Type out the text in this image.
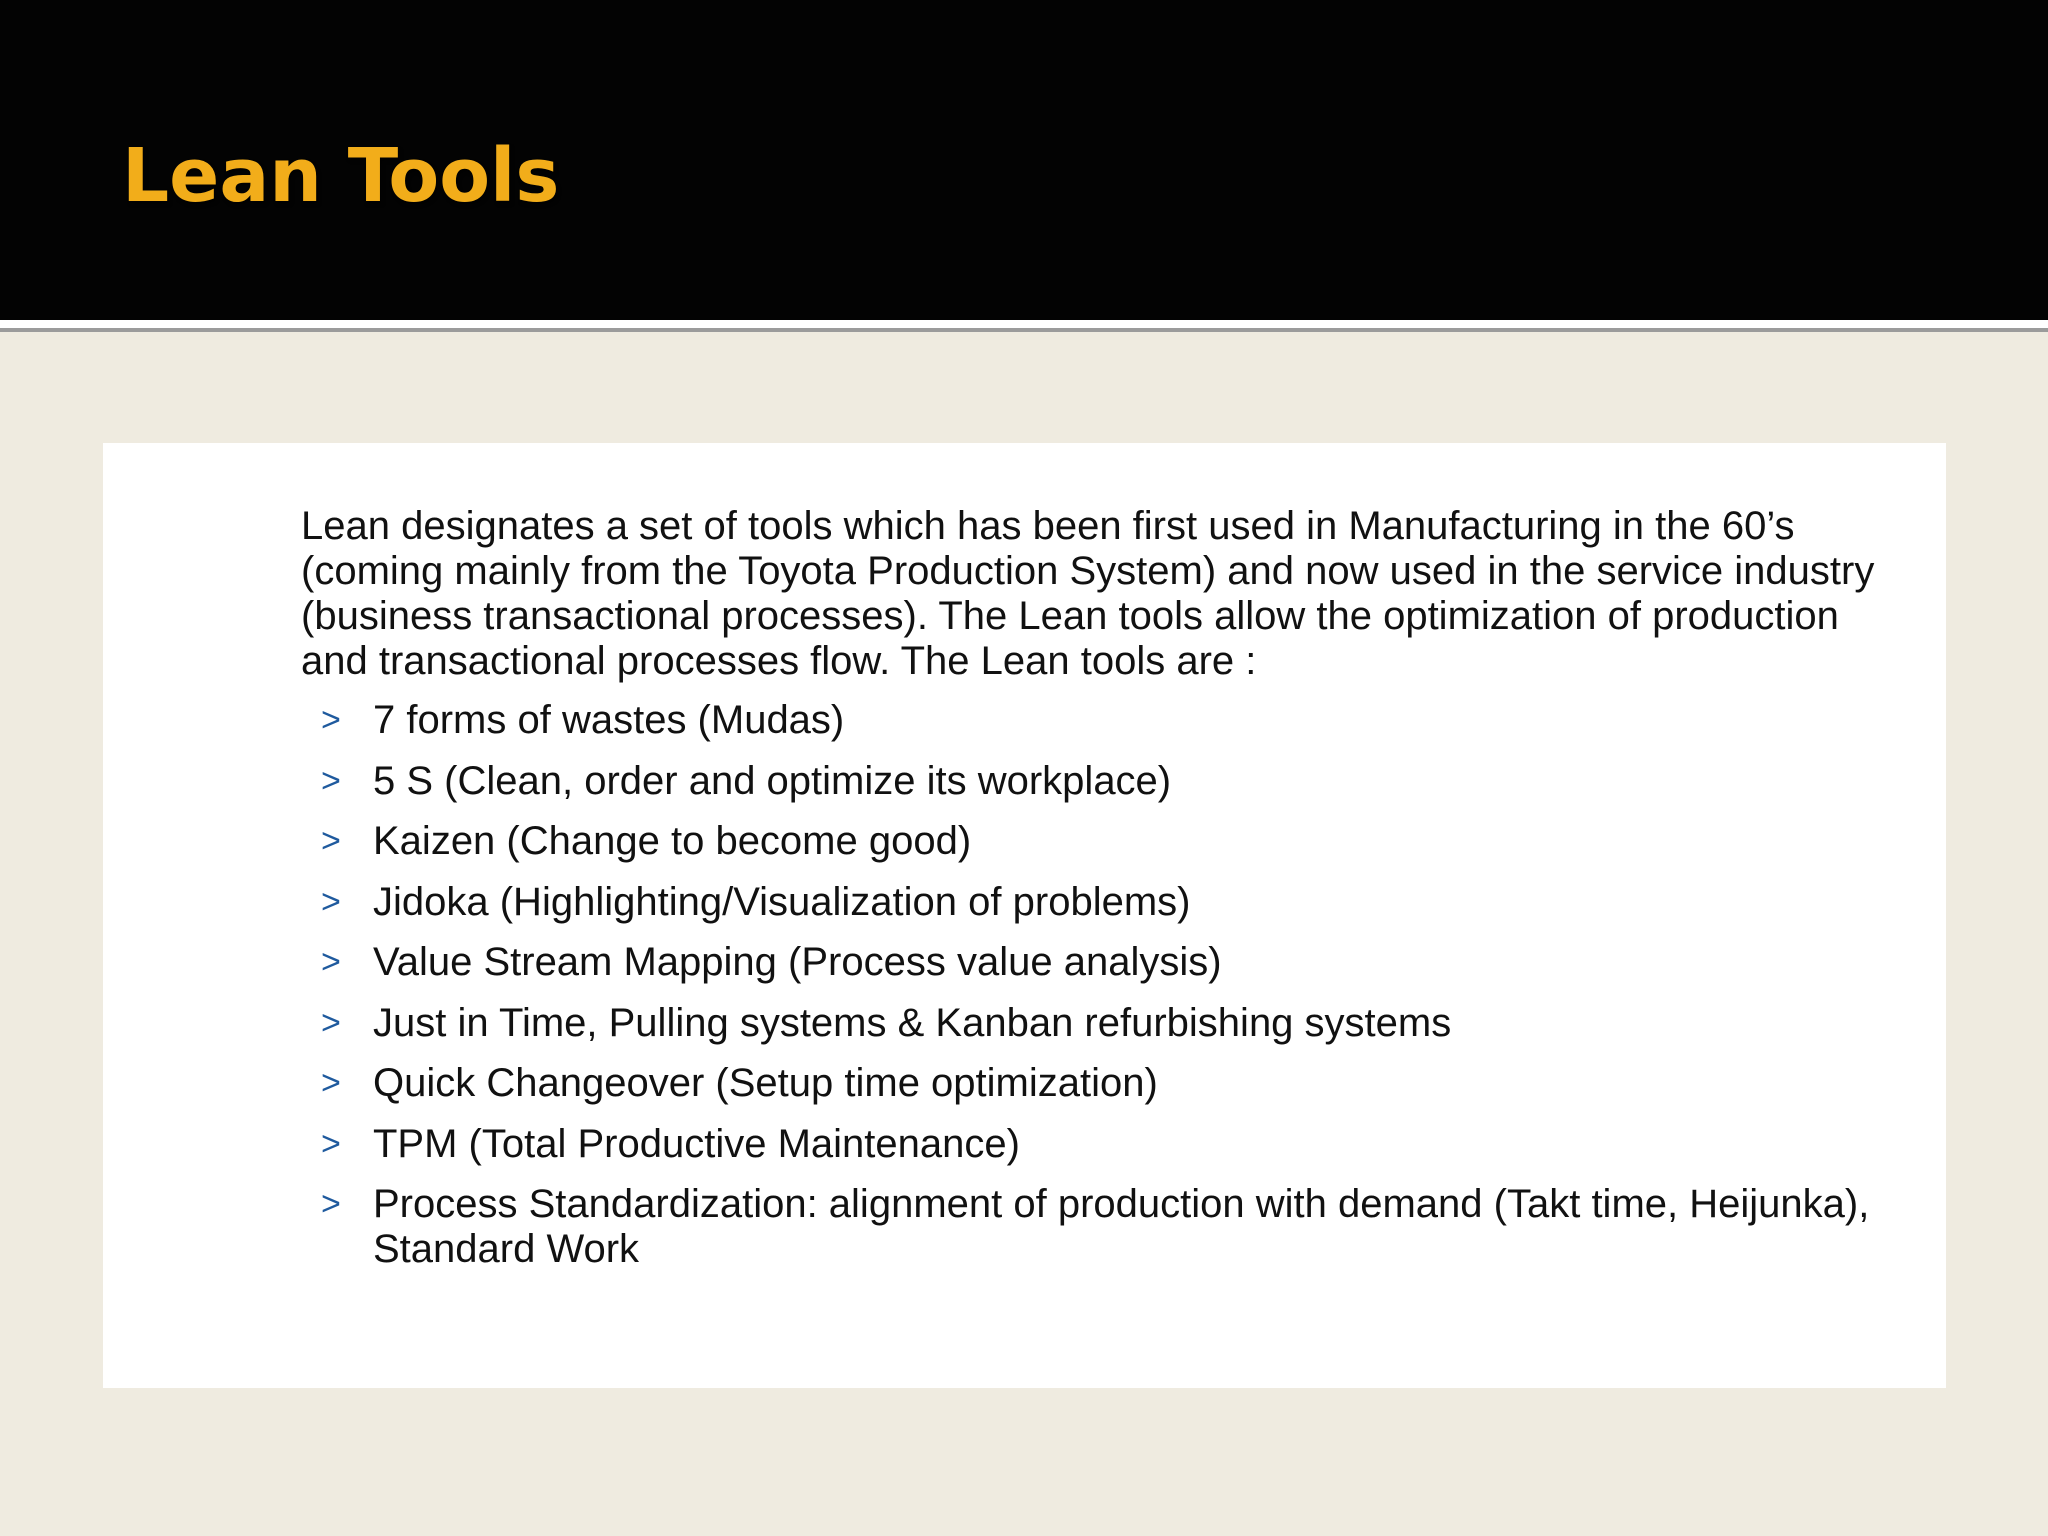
Lean Tools

Lean designates a set of tools which has been first used in Manufacturing in the 60’s (coming mainly from the Toyota Production System) and now used in the service industry (business transactional processes). The Lean tools allow the optimization of production and transactional processes flow. The Lean tools are :

> 7 forms of wastes (Mudas)
> 5 S (Clean, order and optimize its workplace)
> Kaizen (Change to become good)
> Jidoka (Highlighting/Visualization of problems)
> Value Stream Mapping (Process value analysis)
> Just in Time, Pulling systems & Kanban refurbishing systems
> Quick Changeover (Setup time optimization)
> TPM (Total Productive Maintenance)
> Process Standardization: alignment of production with demand (Takt time, Heijunka), Standard Work
